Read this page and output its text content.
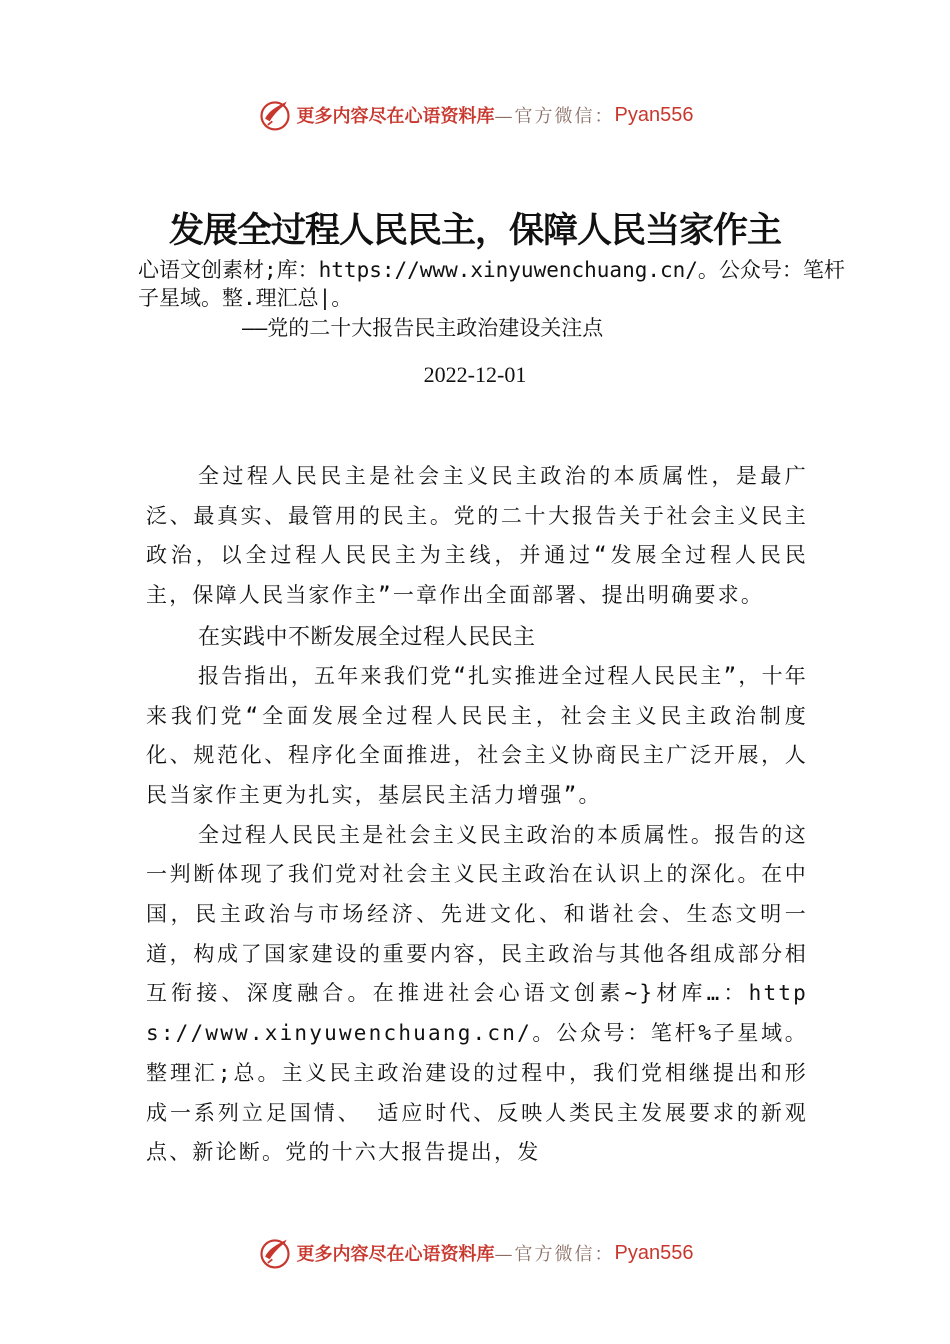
更多内容尽在心语资料库 —官方微信： Pyan556
发展全过程人民民主，保障人民当家作主
心语文创素材;库：https://www.xinyuwenchuang.cn/。公众号：笔杆子星域。整.理汇总|。
——党的二十大报告民主政治建设关注点
2022-12-01

全过程人民民主是社会主义民主政治的本质属性，是最广泛、最真实、最管用的民主。党的二十大报告关于社会主义民主政治，以全过程人民民主为主线，并通过“发展全过程人民民主，保障人民当家作主”一章作出全面部署、提出明确要求。

在实践中不断发展全过程人民民主

报告指出，五年来我们党“扎实推进全过程人民民主”，十年来我们党“全面发展全过程人民民主，社会主义民主政治制度化、规范化、程序化全面推进，社会主义协商民主广泛开展，人民当家作主更为扎实，基层民主活力增强”。

全过程人民民主是社会主义民主政治的本质属性。报告的这一判断体现了我们党对社会主义民主政治在认识上的深化。在中国，民主政治与市场经济、先进文化、和谐社会、生态文明一道，构成了国家建设的重要内容，民主政治与其他各组成部分相互衔接、深度融合。在推进社会心语文创素~}材库…：https://www.xinyuwenchuang.cn/。公众号：笔杆%子星域。整理汇;总。主义民主政治建设的过程中，我们党相继提出和形成一系列立足国情、 适应时代、反映人类民主发展要求的新观点、新论断。党的十六大报告提出，发

更多内容尽在心语资料库 —官方微信： Pyan556
